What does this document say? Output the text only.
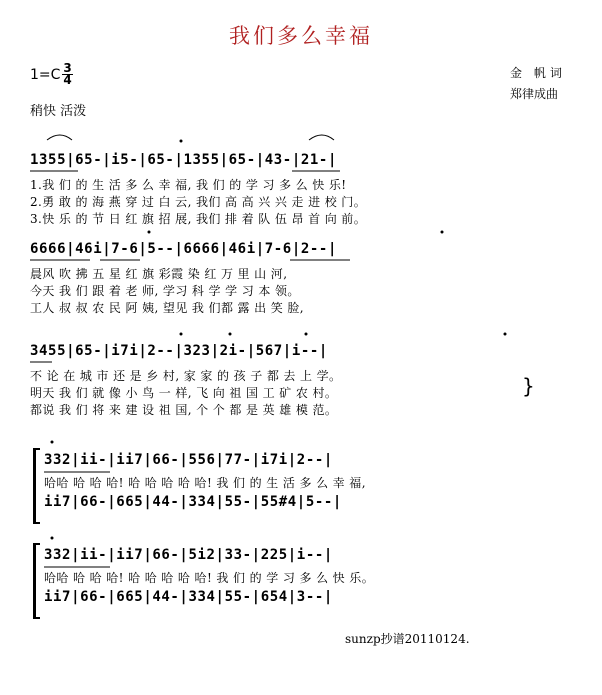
我们多么幸福
$1=C \frac{3}{4}$	金 帆词
郑律成曲
稍快 活泼
1355|65-|i5-|65-|1355|65-|43-|21-|
1.我 们 的 生 活 多 么 幸 福, 我 们 的 学 习 多 么 快 乐!
2.勇 敢 的 海 燕 穿 过 白 云, 我们 高 高 兴 兴 走 进 校 门。
3.快 乐 的 节 日 红 旗 招 展, 我们 排 着 队 伍 昂 首 向 前。
6666|46i|7-6|5--|6666|46i|7-6|2--|
晨风 吹 拂 五 星 红 旗 彩霞 染 红 万 里 山 河,
今天 我 们 跟 着 老 师, 学习 科 学 学 习 本 领。
工人 叔 叔 农 民 阿 姨, 望见 我 们都 露 出 笑 脸,
3455|65-|i7i|2--|323|2i-|567|i--|
不 论 在 城 市 还 是 乡 村, 家 家 的 孩 子 都 去 上 学。
明天 我 们 就 像 小 鸟 一 样, 飞 向 祖 国 工 矿 农 村。
都说 我 们 将 来 建 设 祖 国, 个 个 都 是 英 雄 模 范。
}
332|ii-|ii7|66-|556|77-|i7i|2--|
哈哈 哈 哈 哈! 哈 哈 哈 哈 哈! 我 们 的 生 活 多 么 幸 福,
ii7|66-|665|44-|334|55-|55#4|5--|
332|ii-|ii7|66-|5i2|33-|225|i--|
哈哈 哈 哈 哈! 哈 哈 哈 哈 哈! 我 们 的 学 习 多 么 快 乐。
ii7|66-|665|44-|334|55-|654|3--|
sunzp抄谱20110124.
